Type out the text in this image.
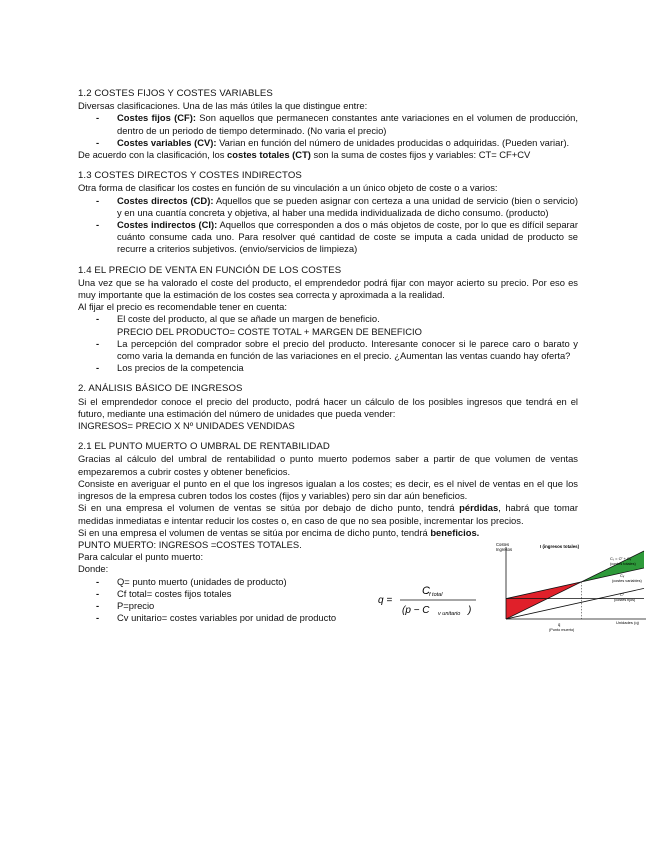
1.2 COSTES FIJOS Y COSTES VARIABLES

Diversas clasificaciones. Una de las más útiles la que distingue entre:

- Costes fijos (CF): Son aquellos que permanecen constantes ante variaciones en el volumen de producción, dentro de un periodo de tiempo determinado. (No varia el precio)
- Costes variables (CV): Varian en función del número de unidades producidas o adquiridas. (Pueden variar).

De acuerdo con la clasificación, los costes totales (CT) son la suma de costes fijos y variables: CT= CF+CV

1.3 COSTES DIRECTOS Y COSTES INDIRECTOS

Otra forma de clasificar los costes en función de su vinculación a un único objeto de coste o a varios:

- Costes directos (CD): Aquellos que se pueden asignar con certeza a una unidad de servicio (bien o servicio) y en una cuantía concreta y objetiva, al haber una medida individualizada de dicho consumo. (producto)
- Costes indirectos (CI): Aquellos que corresponden a dos o más objetos de coste, por lo que es difícil separar cuánto consume cada uno. Para resolver qué cantidad de coste se imputa a cada unidad de producto se recurre a criterios subjetivos. (envio/servicios de limpieza)

1.4 EL PRECIO DE VENTA EN FUNCIÓN DE LOS COSTES

Una vez que se ha valorado el coste del producto, el emprendedor podrá fijar con mayor acierto su precio. Por eso es muy importante que la estimación de los costes sea correcta y aproximada a la realidad.

Al fijar el precio es recomendable tener en cuenta:

- El coste del producto, al que se añade un margen de beneficio.

PRECIO DEL PRODUCTO= COSTE TOTAL + MARGEN DE BENEFICIO

- La percepción del comprador sobre el precio del producto. Interesante conocer si le parece caro o barato y como varia la demanda en función de las variaciones en el precio. ¿Aumentan las ventas cuando hay oferta?
- Los precios de la competencia

2. ANÁLISIS BÁSICO DE INGRESOS

Si el emprendedor conoce el precio del producto, podrá hacer un cálculo de los posibles ingresos que tendrá en el futuro, mediante una estimación del número de unidades que pueda vender:

INGRESOS= PRECIO X Nº UNIDADES VENDIDAS

2.1 EL PUNTO MUERTO O UMBRAL DE RENTABILIDAD

Gracias al cálculo del umbral de rentabilidad o punto muerto podemos saber a partir de que volumen de ventas empezaremos a cubrir costes y obtener beneficios.

Consiste en averiguar el punto en el que los ingresos igualan a los costes; es decir, es el nivel de ventas en el que los ingresos de la empresa cubren todos los costes (fijos y variables) pero sin dar aún beneficios.

Si en una empresa el volumen de ventas se sitúa por debajo de dicho punto, tendrá pérdidas, habrá que tomar medidas inmediatas e intentar reducir los costes o, en caso de que no sea posible, incrementar los precios.

Si en una empresa el volumen de ventas se sitúa por encima de dicho punto, tendrá beneficios.

PUNTO MUERTO: INGRESOS =COSTES TOTALES.

Para calcular el punto muerto:

Donde:

- Q= punto muerto (unidades de producto)
- Cf total= costes fijos totales
- P=precio
- Cv unitario= costes variables por unidad de producto
q =
C f total
(p − C v unitario )
Costes
Ingresos
I (ingresos totales)
Cₜ = Cᶠ + Cᵥ
(costes totales)
Cᵥ
(costes variables)
Cᶠ
(costes fijos)
q
(Punto muerto)
Unidades (q)
